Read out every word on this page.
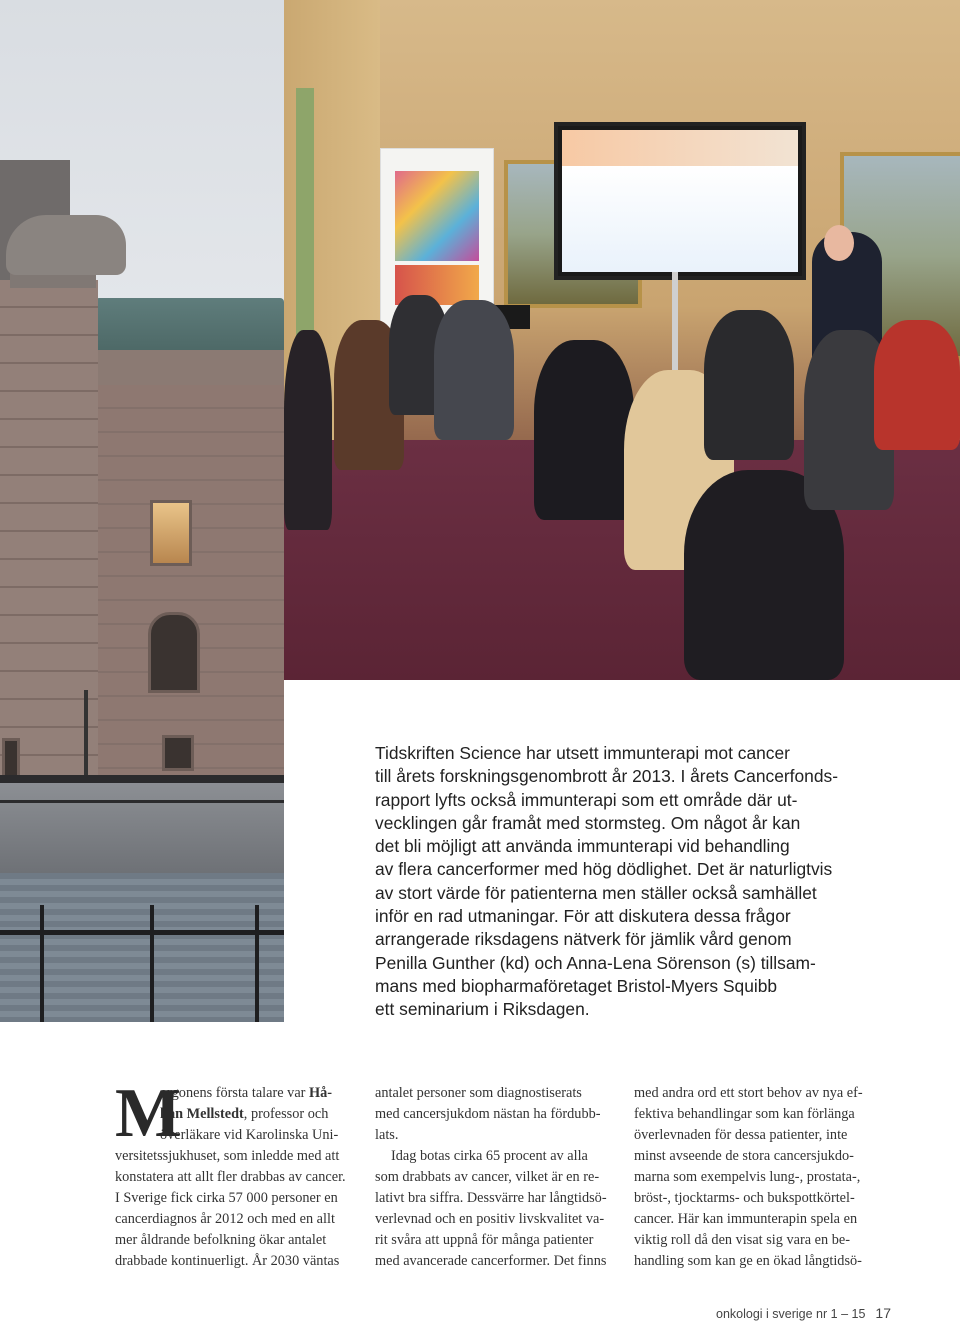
Tidskriften Science har utsett immunterapi mot cancer

till årets forskningsgenombrott år 2013. I årets Cancerfonds-

rapport lyfts också immunterapi som ett område där ut-

vecklingen går framåt med stormsteg. Om något år kan

det bli möjligt att använda immunterapi vid behandling

av flera cancerformer med hög dödlighet. Det är naturligtvis

av stort värde för patienterna men ställer också samhället

inför en rad utmaningar. För att diskutera dessa frågor

arrangerade riksdagens nätverk för jämlik vård genom

Penilla Gunther (kd) och Anna-Lena Sörenson (s) tillsam-

mans med biopharmaföretaget Bristol-Myers Squibb

ett seminarium i Riksdagen.

M

orgonens första talare var Hå-

kan Mellstedt, professor och

överläkare vid Karolinska Uni-

versitetssjukhuset, som inledde med att

konstatera att allt fler drabbas av cancer.

I Sverige fick cirka 57 000 personer en

cancerdiagnos år 2012 och med en allt

mer åldrande befolkning ökar antalet

drabbade kontinuerligt. År 2030 väntas

antalet personer som diagnostiserats

med cancersjukdom nästan ha fördubb-

lats.

Idag botas cirka 65 procent av alla

som drabbats av cancer, vilket är en re-

lativt bra siffra. Dessvärre har långtidsö-

verlevnad och en positiv livskvalitet va-

rit svåra att uppnå för många patienter

med avancerade cancerformer. Det finns

med andra ord ett stort behov av nya ef-

fektiva behandlingar som kan förlänga

överlevnaden för dessa patienter, inte

minst avseende de stora cancersjukdo-

marna som exempelvis lung-, prostata-,

bröst-, tjocktarms- och bukspottkörtel-

cancer. Här kan immunterapin spela en

viktig roll då den visat sig vara en be-

handling som kan ge en ökad långtidsö-

onkologi i sverige nr 1 – 15 17
